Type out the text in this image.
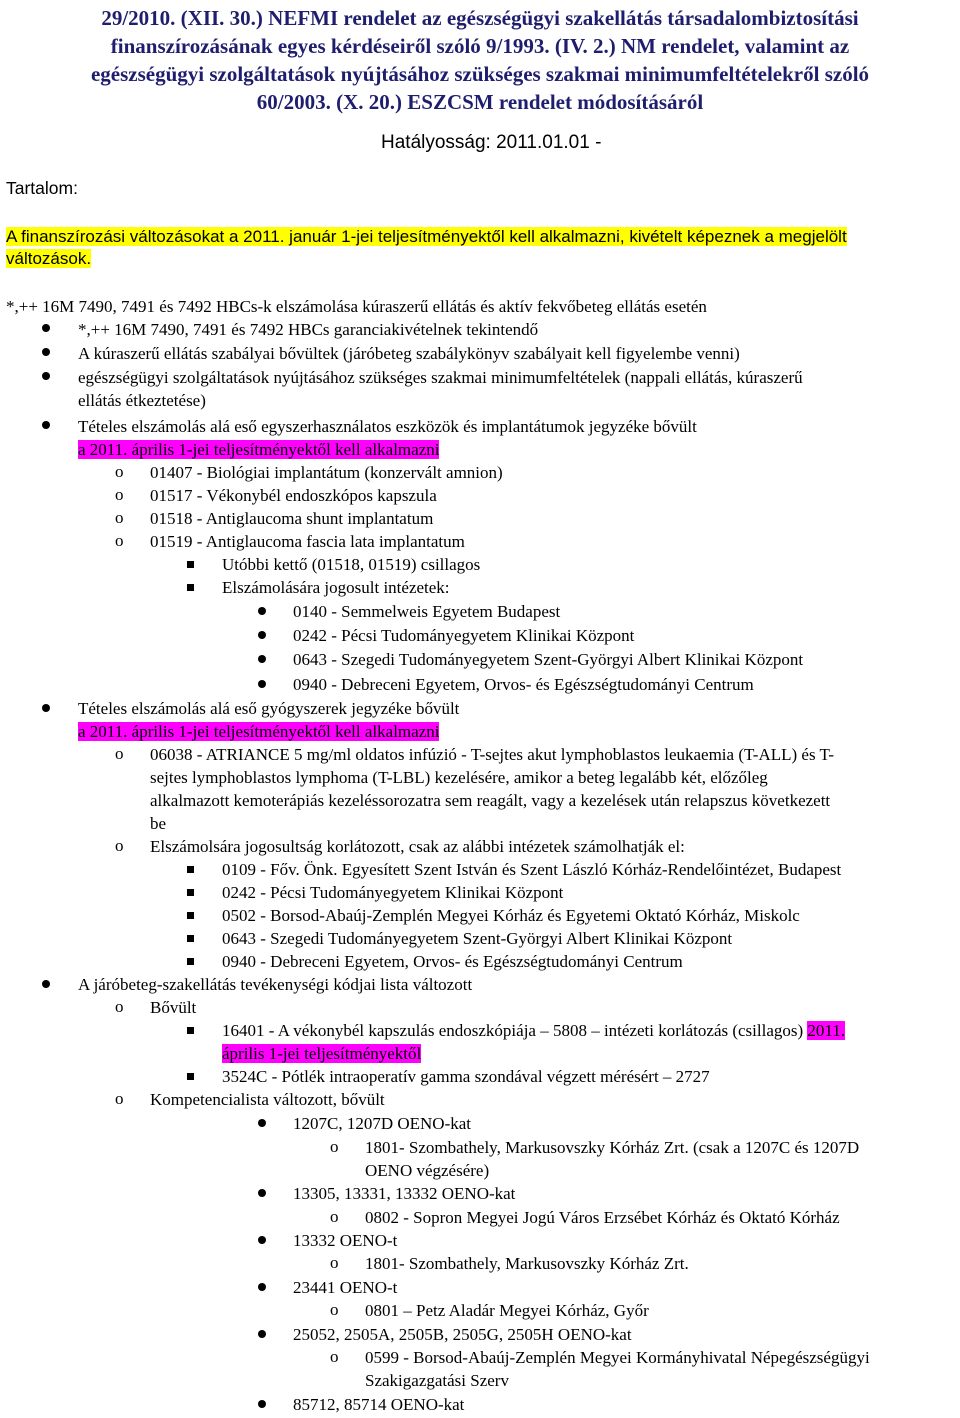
29/2010. (XII. 30.) NEFMI rendelet az egészségügyi szakellátás társadalombiztosítási
finanszírozásának egyes kérdéseiről szóló 9/1993. (IV. 2.) NM rendelet, valamint az
egészségügyi szolgáltatások nyújtásához szükséges szakmai minimumfeltételekről szóló
60/2003. (X. 20.) ESZCSM rendelet módosításáról
Hatályosság: 2011.01.01 -
Tartalom:
A finanszírozási változásokat a 2011. január 1-jei teljesítményektől kell alkalmazni, kivételt képeznek a megjelölt
változások.
*,++ 16M 7490, 7491 és 7492 HBCs-k elszámolása kúraszerű ellátás és aktív fekvőbeteg ellátás esetén
*,++ 16M 7490, 7491 és 7492 HBCs garanciakivételnek tekintendő
A kúraszerű ellátás szabályai bővültek (járóbeteg szabálykönyv szabályait kell figyelembe venni)
egészségügyi szolgáltatások nyújtásához szükséges szakmai minimumfeltételek (nappali ellátás, kúraszerű
ellátás étkeztetése)
Tételes elszámolás alá eső egyszerhasználatos eszközök és implantátumok jegyzéke bővült
a 2011. április 1-jei teljesítményektől kell alkalmazni
o 01407 - Biológiai implantátum (konzervált amnion)
o 01517 - Vékonybél endoszkópos kapszula
o 01518 - Antiglaucoma shunt implantatum
o 01519 - Antiglaucoma fascia lata implantatum
Utóbbi kettő (01518, 01519) csillagos
Elszámolására jogosult intézetek:
0140 - Semmelweis Egyetem Budapest
0242 - Pécsi Tudományegyetem Klinikai Központ
0643 - Szegedi Tudományegyetem Szent-Györgyi Albert Klinikai Központ
0940 - Debreceni Egyetem, Orvos- és Egészségtudományi Centrum
Tételes elszámolás alá eső gyógyszerek jegyzéke bővült
a 2011. április 1-jei teljesítményektől kell alkalmazni
o 06038 - ATRIANCE 5 mg/ml oldatos infúzió - T-sejtes akut lymphoblastos leukaemia (T-ALL) és T-
sejtes lymphoblastos lymphoma (T-LBL) kezelésére, amikor a beteg legalább két, előzőleg
alkalmazott kemoterápiás kezeléssorozatra sem reagált, vagy a kezelések után relapszus következett
be
o Elszámolsára jogosultság korlátozott, csak az alábbi intézetek számolhatják el:
0109 - Főv. Önk. Egyesített Szent István és Szent László Kórház-Rendelőintézet, Budapest
0242 - Pécsi Tudományegyetem Klinikai Központ
0502 - Borsod-Abaúj-Zemplén Megyei Kórház és Egyetemi Oktató Kórház, Miskolc
0643 - Szegedi Tudományegyetem Szent-Györgyi Albert Klinikai Központ
0940 - Debreceni Egyetem, Orvos- és Egészségtudományi Centrum
A járóbeteg-szakellátás tevékenységi kódjai lista változott
o Bővült
16401 - A vékonybél kapszulás endoszkópiája – 5808 – intézeti korlátozás (csillagos) 2011.
április 1-jei teljesítményektől
3524C - Pótlék intraoperatív gamma szondával végzett mérésért – 2727
o Kompetencialista változott, bővült
1207C, 1207D OENO-kat
o 1801- Szombathely, Markusovszky Kórház Zrt. (csak a 1207C és 1207D
OENO végzésére)
13305, 13331, 13332 OENO-kat
o 0802 - Sopron Megyei Jogú Város Erzsébet Kórház és Oktató Kórház
13332 OENO-t
o 1801- Szombathely, Markusovszky Kórház Zrt.
23441 OENO-t
o 0801 – Petz Aladár Megyei Kórház, Győr
25052, 2505A, 2505B, 2505G, 2505H OENO-kat
o 0599 - Borsod-Abaúj-Zemplén Megyei Kormányhivatal Népegészségügyi
Szakigazgatási Szerv
85712, 85714 OENO-kat
